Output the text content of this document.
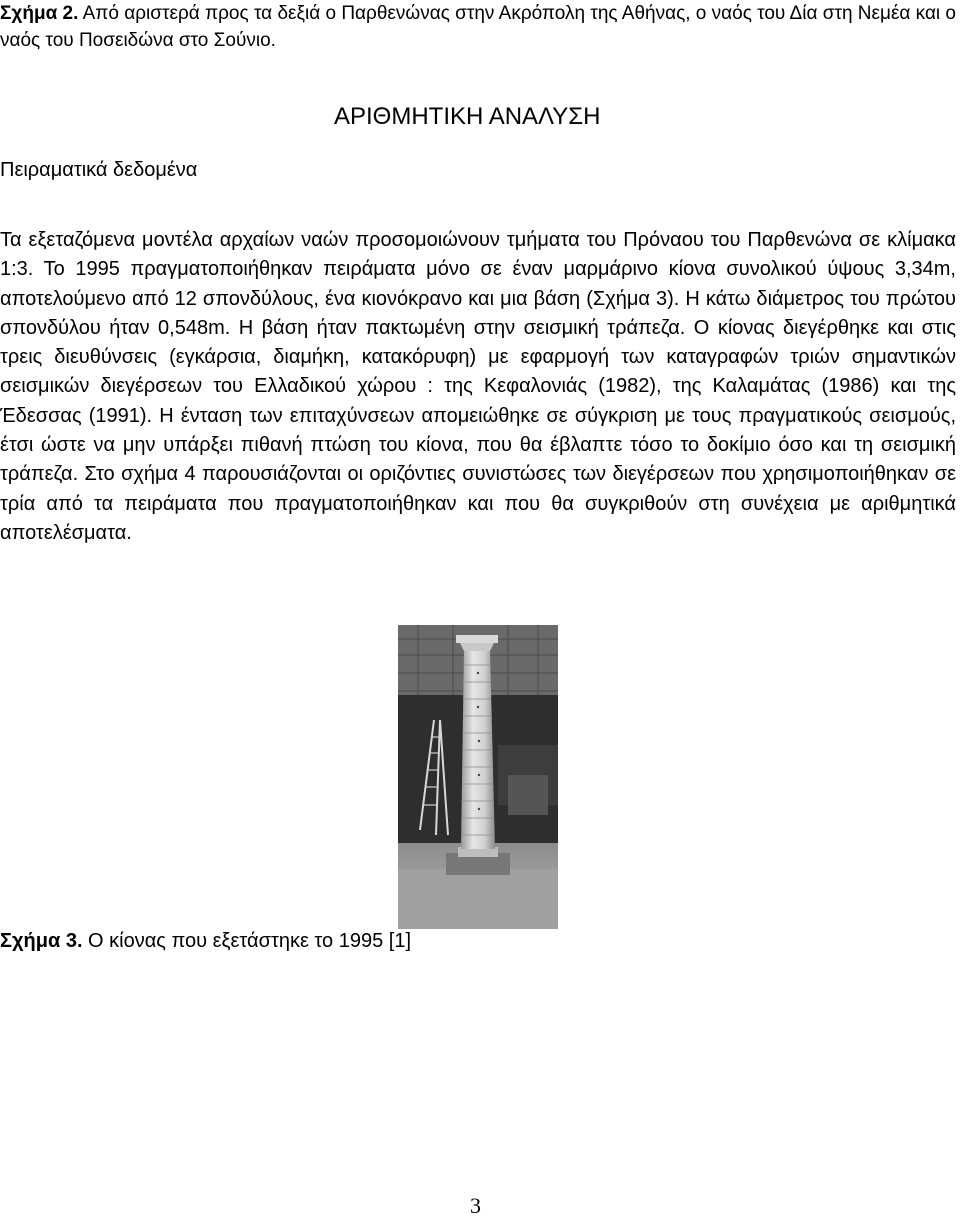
Σχήμα 2. Από αριστερά προς τα δεξιά ο Παρθενώνας στην Ακρόπολη της Αθήνας, ο ναός του Δία στη Νεμέα και ο ναός του Ποσειδώνα στο Σούνιο.

ΑΡΙΘΜΗΤΙΚΗ ΑΝΑΛΥΣΗ
Πειραματικά δεδομένα

Τα εξεταζόμενα μοντέλα αρχαίων ναών προσομοιώνουν τμήματα του Πρόναου του Παρθενώνα σε κλίμακα 1:3. Το 1995 πραγματοποιήθηκαν πειράματα μόνο σε έναν μαρμάρινο κίονα συνολικού ύψους 3,34m, αποτελούμενο από 12 σπονδύλους, ένα κιονόκρανο και μια βάση (Σχήμα 3). Η κάτω διάμετρος του πρώτου σπονδύλου ήταν 0,548m. Η βάση ήταν πακτωμένη στην σεισμική τράπεζα. Ο κίονας διεγέρθηκε και στις τρεις διευθύνσεις (εγκάρσια, διαμήκη, κατακόρυφη) με εφαρμογή των καταγραφών τριών σημαντικών σεισμικών διεγέρσεων του Ελλαδικού χώρου : της Κεφαλονιάς (1982), της Καλαμάτας (1986) και της Έδεσσας (1991). Η ένταση των επιταχύνσεων απομειώθηκε σε σύγκριση με τους πραγματικούς σεισμούς, έτσι ώστε να μην υπάρξει πιθανή πτώση του κίονα, που θα έβλαπτε τόσο το δοκίμιο όσο και τη σεισμική τράπεζα. Στο σχήμα 4 παρουσιάζονται οι οριζόντιες συνιστώσες των διεγέρσεων που χρησιμοποιήθηκαν σε τρία από τα πειράματα που πραγματοποιήθηκαν και που θα συγκριθούν στη συνέχεια με αριθμητικά αποτελέσματα.

Σχήμα 3. Ο κίονας που εξετάστηκε το 1995 [1]

3
